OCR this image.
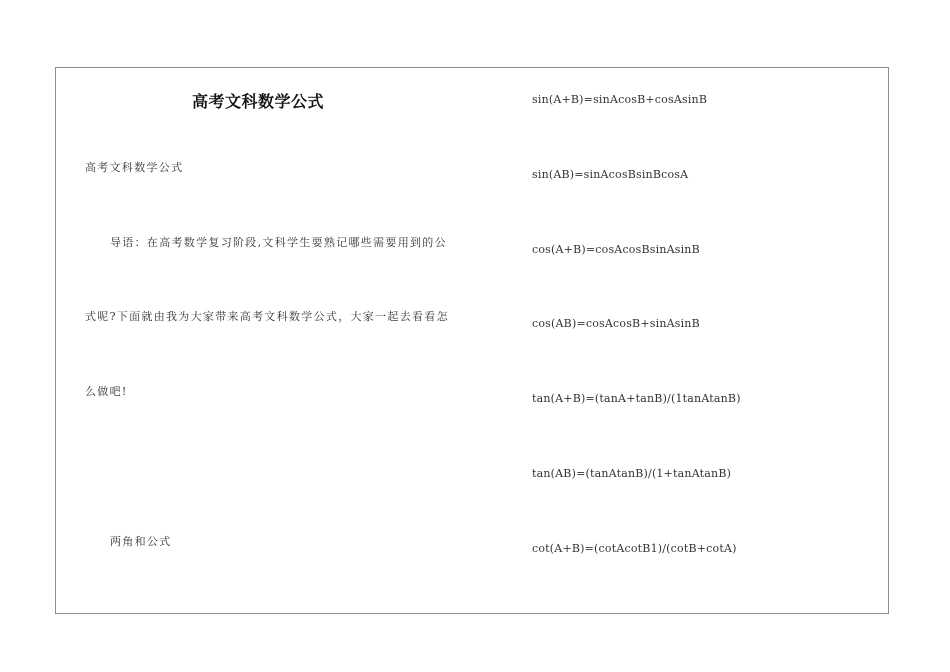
高考文科数学公式
高考文科数学公式
导语：在高考数学复习阶段,文科学生要熟记哪些需要用到的公
式呢?下面就由我为大家带来高考文科数学公式，大家一起去看看怎
么做吧!
两角和公式
sin(A+B)=sinAcosB+cosAsinB
sin(AB)=sinAcosBsinBcosA
cos(A+B)=cosAcosBsinAsinB
cos(AB)=cosAcosB+sinAsinB
tan(A+B)=(tanA+tanB)/(1tanAtanB)
tan(AB)=(tanAtanB)/(1+tanAtanB)
cot(A+B)=(cotAcotB1)/(cotB+cotA)
